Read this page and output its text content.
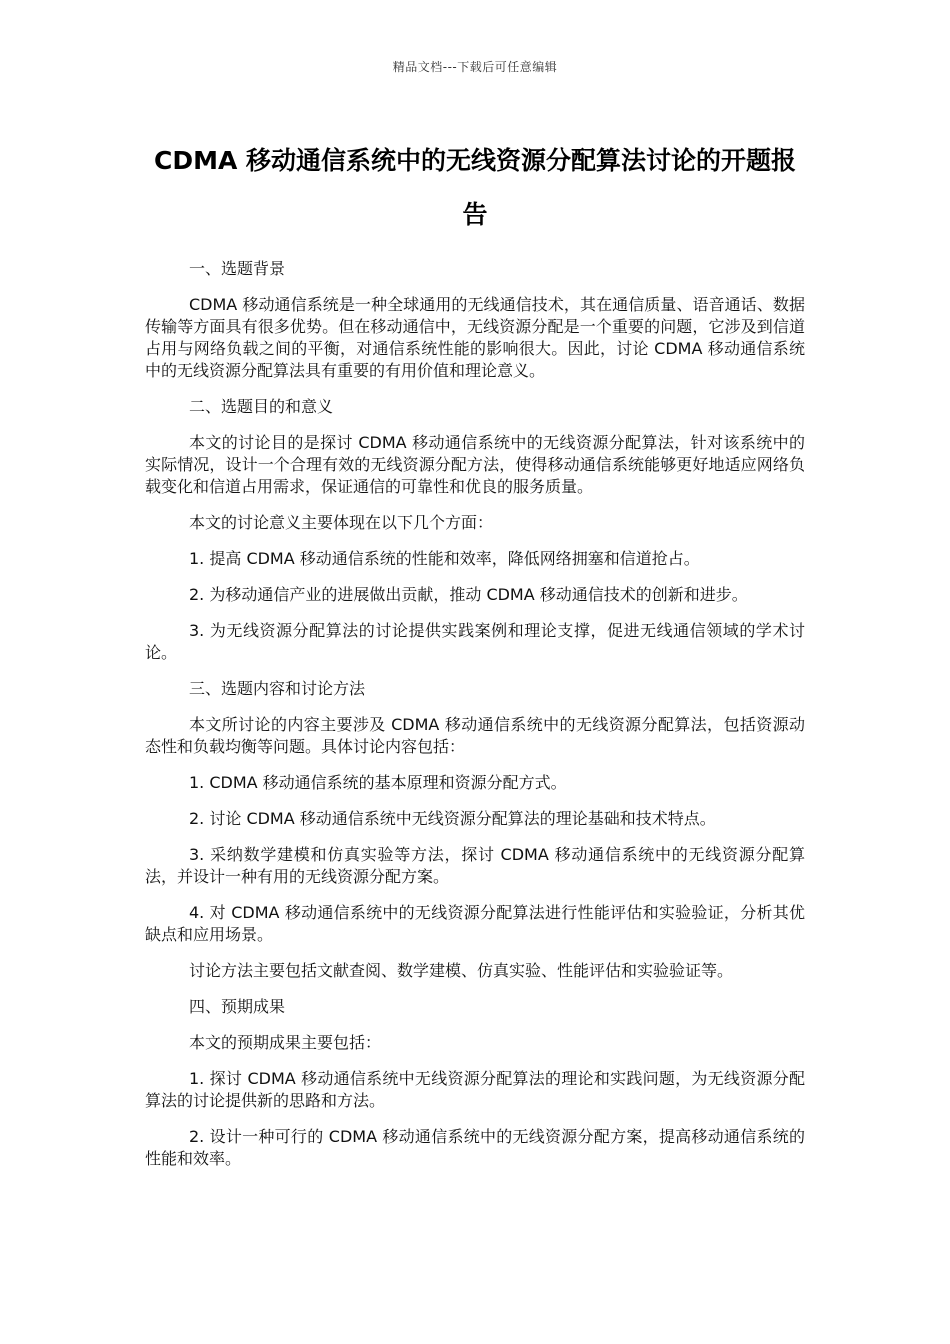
精品文档---下载后可任意编辑
CDMA 移动通信系统中的无线资源分配算法讨论的开题报告

一、选题背景

CDMA 移动通信系统是一种全球通用的无线通信技术，其在通信质量、语音通话、数据传输等方面具有很多优势。但在移动通信中，无线资源分配是一个重要的问题，它涉及到信道占用与网络负载之间的平衡，对通信系统性能的影响很大。因此，讨论 CDMA 移动通信系统中的无线资源分配算法具有重要的有用价值和理论意义。

二、选题目的和意义

本文的讨论目的是探讨 CDMA 移动通信系统中的无线资源分配算法，针对该系统中的实际情况，设计一个合理有效的无线资源分配方法，使得移动通信系统能够更好地适应网络负载变化和信道占用需求，保证通信的可靠性和优良的服务质量。

本文的讨论意义主要体现在以下几个方面：

1. 提高 CDMA 移动通信系统的性能和效率，降低网络拥塞和信道抢占。

2. 为移动通信产业的进展做出贡献，推动 CDMA 移动通信技术的创新和进步。

3. 为无线资源分配算法的讨论提供实践案例和理论支撑，促进无线通信领域的学术讨论。

三、选题内容和讨论方法

本文所讨论的内容主要涉及 CDMA 移动通信系统中的无线资源分配算法，包括资源动态性和负载均衡等问题。具体讨论内容包括：

1. CDMA 移动通信系统的基本原理和资源分配方式。

2. 讨论 CDMA 移动通信系统中无线资源分配算法的理论基础和技术特点。

3. 采纳数学建模和仿真实验等方法，探讨 CDMA 移动通信系统中的无线资源分配算法，并设计一种有用的无线资源分配方案。

4. 对 CDMA 移动通信系统中的无线资源分配算法进行性能评估和实验验证，分析其优缺点和应用场景。

讨论方法主要包括文献查阅、数学建模、仿真实验、性能评估和实验验证等。

四、预期成果

本文的预期成果主要包括：

1. 探讨 CDMA 移动通信系统中无线资源分配算法的理论和实践问题，为无线资源分配算法的讨论提供新的思路和方法。

2. 设计一种可行的 CDMA 移动通信系统中的无线资源分配方案，提高移动通信系统的性能和效率。
